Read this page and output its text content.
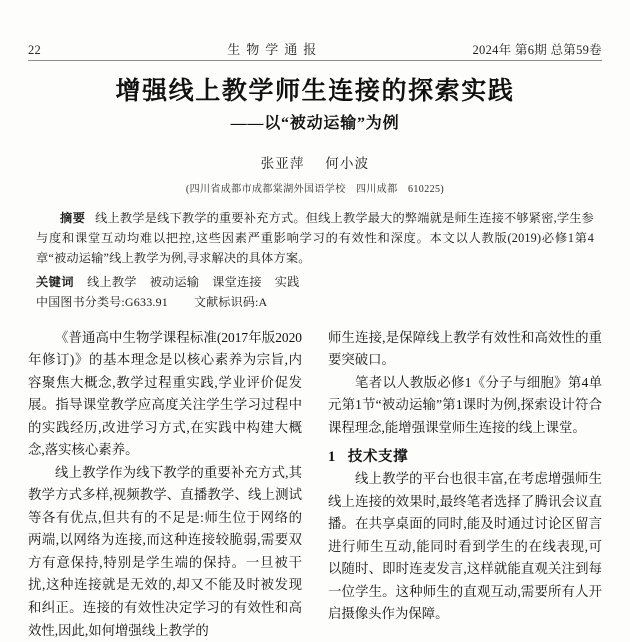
22	生物学通报	2024年 第6期 总第59卷
增强线上教学师生连接的探索实践

——以“被动运输”为例

张亚萍 何小波

(四川省成都市成都棠湖外国语学校　四川成都　610225)

摘要 线上教学是线下教学的重要补充方式。但线上教学最大的弊端就是师生连接不够紧密,学生参与度和课堂互动均难以把控,这些因素严重影响学习的有效性和深度。本文以人教版(2019)必修1第4章“被动运输”线上教学为例,寻求解决的具体方案。

关键词 线上教学 被动运输 课堂连接 实践

中国图书分类号:G633.91 文献标识码:A

《普通高中生物学课程标准(2017年版2020年修订)》的基本理念是以核心素养为宗旨,内容聚焦大概念,教学过程重实践,学业评价促发展。指导课堂教学应高度关注学生学习过程中的实践经历,改进学习方式,在实践中构建大概念,落实核心素养。

线上教学作为线下教学的重要补充方式,其教学方式多样,视频教学、直播教学、线上测试等各有优点,但共有的不足是:师生位于网络的两端,以网络为连接,而这种连接较脆弱,需要双方有意保持,特别是学生端的保持。一旦被干扰,这种连接就是无效的,却又不能及时被发现和纠正。连接的有效性决定学习的有效性和高效性,因此,如何增强线上教学的

师生连接,是保障线上教学有效性和高效性的重要突破口。

笔者以人教版必修1《分子与细胞》第4单元第1节“被动运输”第1课时为例,探索设计符合课程理念,能增强课堂师生连接的线上课堂。

1 技术支撑

线上教学的平台也很丰富,在考虑增强师生线上连接的效果时,最终笔者选择了腾讯会议直播。在共享桌面的同时,能及时通过讨论区留言进行师生互动,能同时看到学生的在线表现,可以随时、即时连麦发言,这样就能直观关注到每一位学生。这种师生的直观互动,需要所有人开启摄像头作为保障。
